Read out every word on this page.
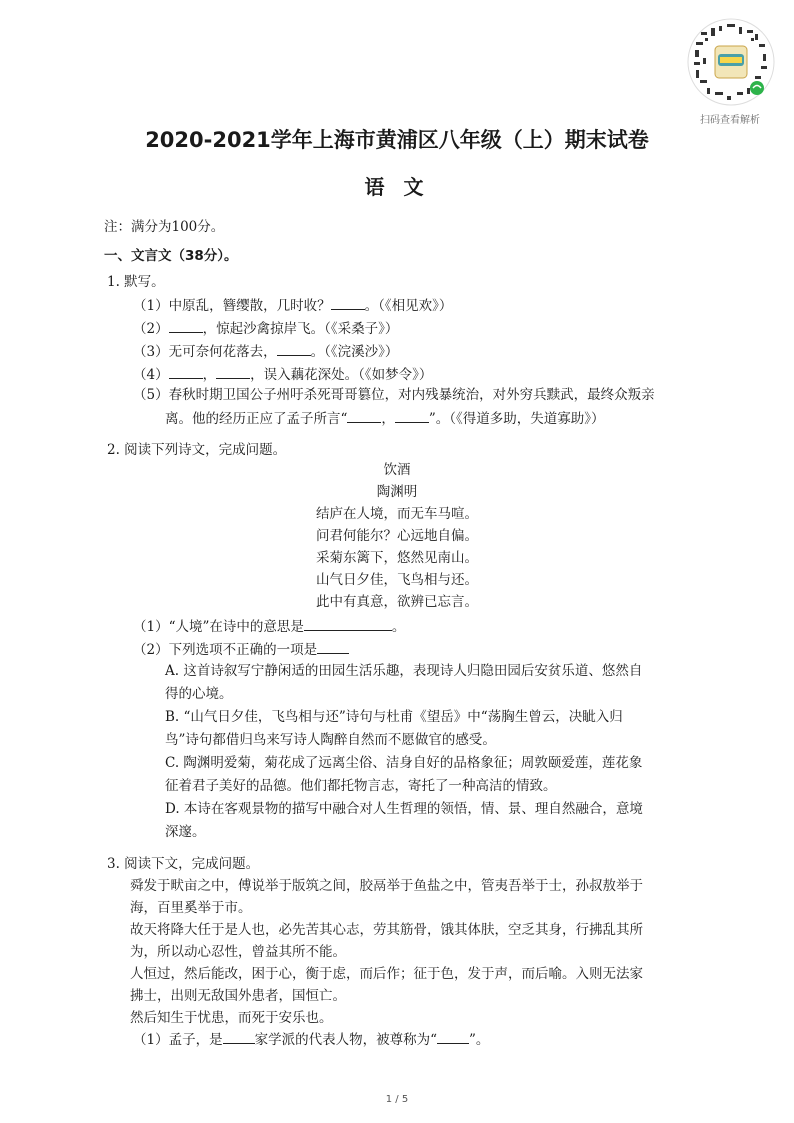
扫码查看解析
2020-2021学年上海市黄浦区八年级（上）期末试卷
语 文
注：满分为100分。
一、文言文（38分）。
1. 默写。
（1）中原乱，簪缨散，几时收？	。（《相见欢》）
（2）	，惊起沙禽掠岸飞。（《采桑子》）
（3）无可奈何花落去，	。（《浣溪沙》）
（4）	，	，误入藕花深处。（《如梦令》）
（5）春秋时期卫国公子州吁杀死哥哥篡位，对内残暴统治，对外穷兵黩武，最终众叛亲
离。他的经历正应了孟子所言“	，	”。（《得道多助，失道寡助》）
2. 阅读下列诗文，完成问题。
饮酒
陶渊明
结庐在人境，而无车马喧。
问君何能尔？心远地自偏。
采菊东篱下，悠然见南山。
山气日夕佳，飞鸟相与还。
此中有真意，欲辨已忘言。
（1）“人境”在诗中的意思是	。
（2）下列选项不正确的一项是
A. 这首诗叙写宁静闲适的田园生活乐趣，表现诗人归隐田园后安贫乐道、悠然自
得的心境。
B. “山气日夕佳，飞鸟相与还”诗句与杜甫《望岳》中“荡胸生曾云，决眦入归
鸟”诗句都借归鸟来写诗人陶醉自然而不愿做官的感受。
C. 陶渊明爱菊，菊花成了远离尘俗、洁身自好的品格象征；周敦颐爱莲，莲花象
征着君子美好的品德。他们都托物言志，寄托了一种高洁的情致。
D. 本诗在客观景物的描写中融合对人生哲理的领悟，情、景、理自然融合，意境
深邃。
3. 阅读下文，完成问题。
舜发于畎亩之中，傅说举于版筑之间，胶鬲举于鱼盐之中，管夷吾举于士，孙叔敖举于
海，百里奚举于市。
故天将降大任于是人也，必先苦其心志，劳其筋骨，饿其体肤，空乏其身，行拂乱其所
为，所以动心忍性，曾益其所不能。
人恒过，然后能改，困于心，衡于虑，而后作；征于色，发于声，而后喻。入则无法家
拂士，出则无敌国外患者，国恒亡。
然后知生于忧患，而死于安乐也。
（1）孟子，是 家学派的代表人物，被尊称为“ ”。
1 / 5
